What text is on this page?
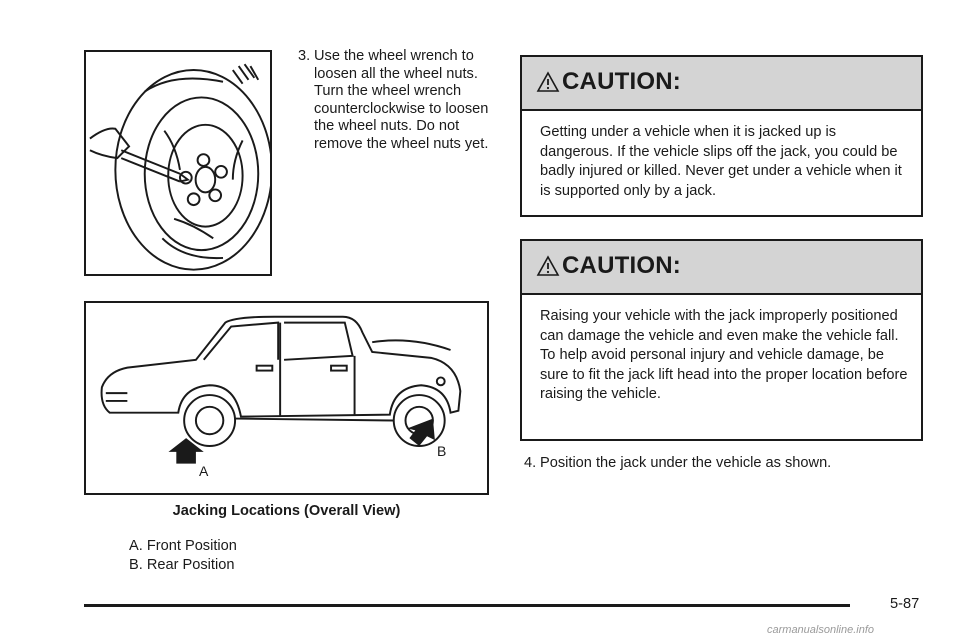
3. Use the wheel wrench to loosen all the wheel nuts. Turn the wheel wrench counterclockwise to loosen the wheel nuts. Do not remove the wheel nuts yet.
A
B
Jacking Locations (Overall View)
A. Front Position
B. Rear Position
CAUTION:
Getting under a vehicle when it is jacked up is dangerous. If the vehicle slips off the jack, you could be badly injured or killed. Never get under a vehicle when it is supported only by a jack.
CAUTION:
Raising your vehicle with the jack improperly positioned can damage the vehicle and even make the vehicle fall. To help avoid personal injury and vehicle damage, be sure to fit the jack lift head into the proper location before raising the vehicle.
4. Position the jack under the vehicle as shown.
5-87
carmanualsonline.info
